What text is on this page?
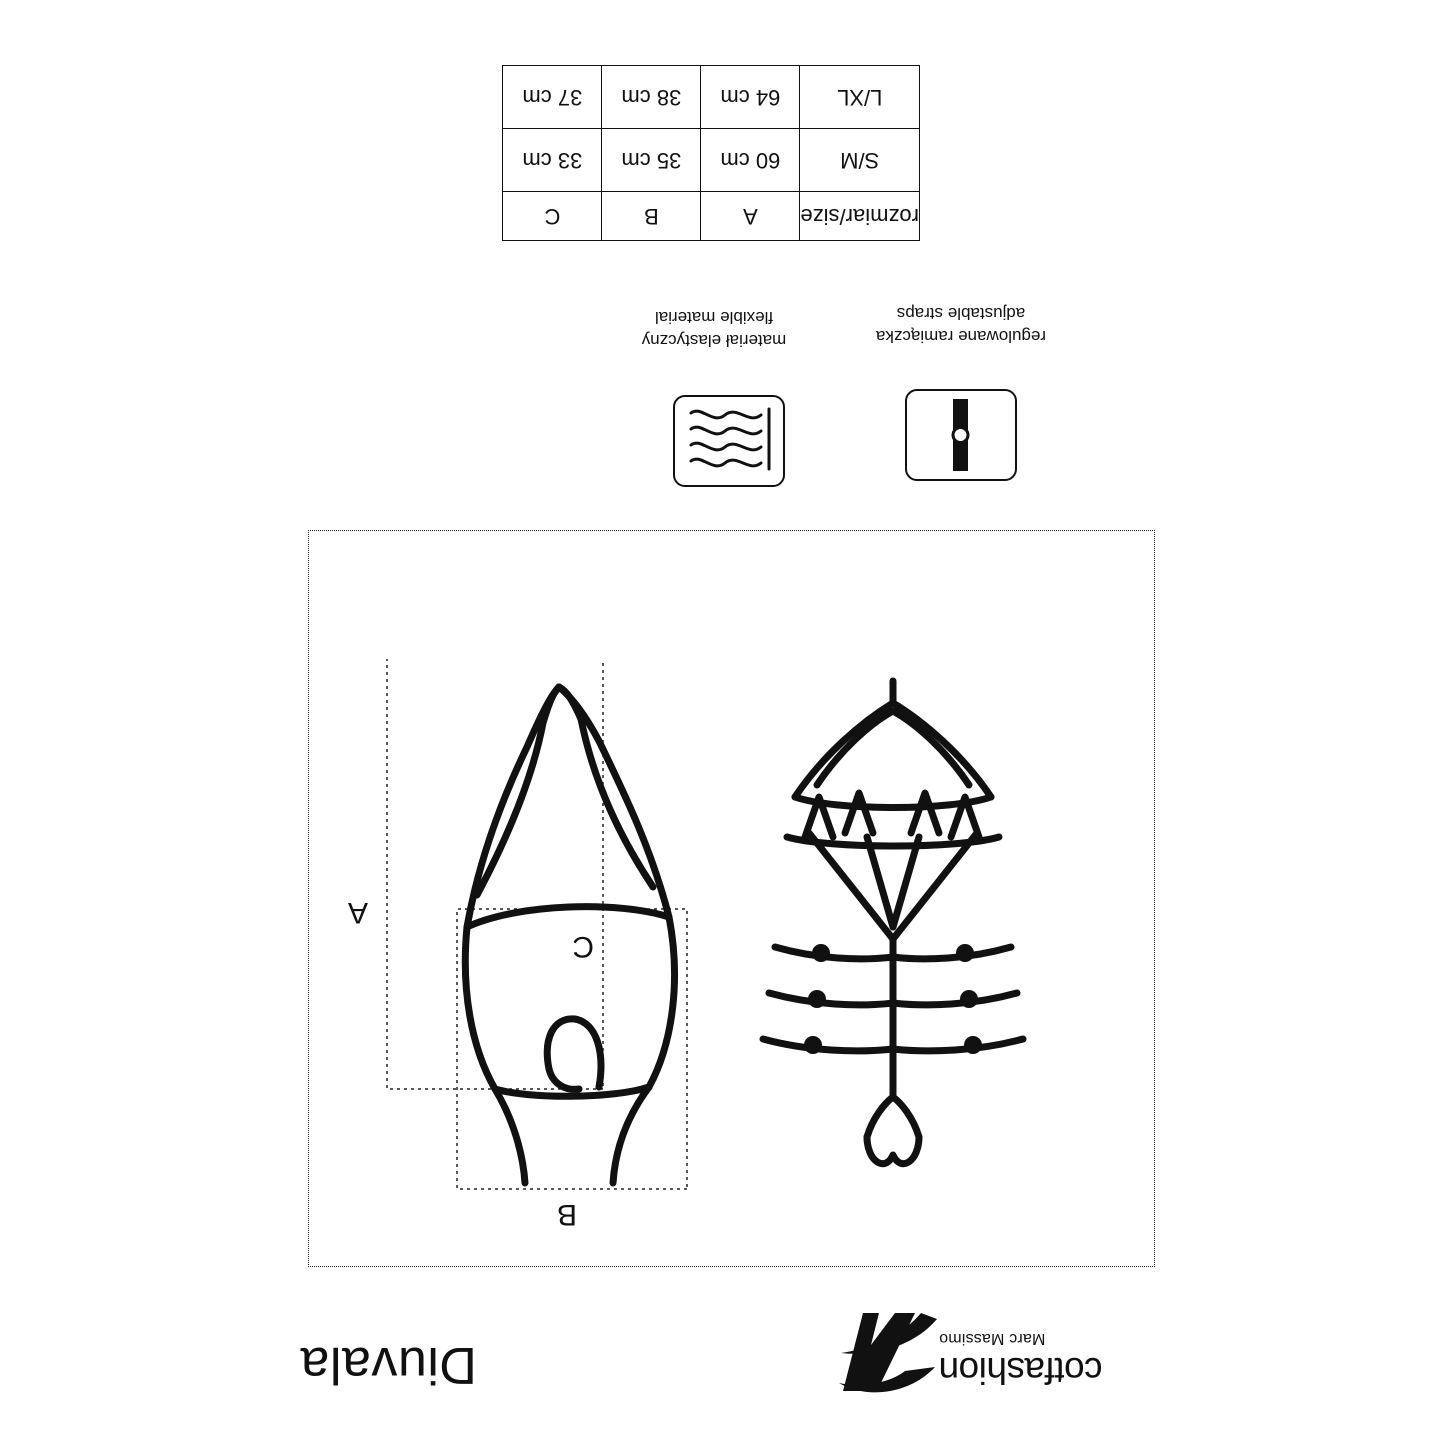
cotfashion
Marc Massimo
Diuvala
A
B
C
regulowane ramiączka
adjustable straps
materiał elastyczny
flexible material
rozmiar/size	A	B	C
S/M	60 cm	35 cm	33 cm
L/XL	64 cm	38 cm	37 cm
